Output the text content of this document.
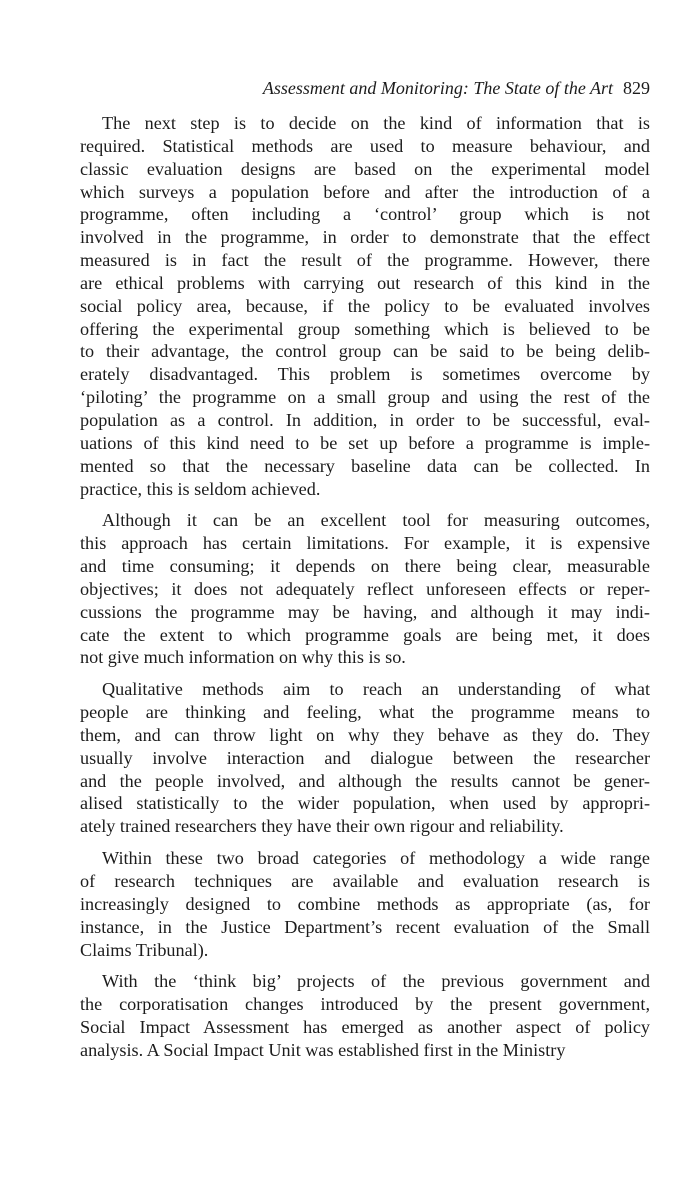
Assessment and Monitoring: The State of the Art 829

The next step is to decide on the kind of information that is
required. Statistical methods are used to measure behaviour, and
classic evaluation designs are based on the experimental model
which surveys a population before and after the introduction of a
programme, often including a ‘control’ group which is not
involved in the programme, in order to demonstrate that the effect
measured is in fact the result of the programme. However, there
are ethical problems with carrying out research of this kind in the
social policy area, because, if the policy to be evaluated involves
offering the experimental group something which is believed to be
to their advantage, the control group can be said to be being delib-
erately disadvantaged. This problem is sometimes overcome by
‘piloting’ the programme on a small group and using the rest of the
population as a control. In addition, in order to be successful, eval-
uations of this kind need to be set up before a programme is imple-
mented so that the necessary baseline data can be collected. In
practice, this is seldom achieved.

Although it can be an excellent tool for measuring outcomes,
this approach has certain limitations. For example, it is expensive
and time consuming; it depends on there being clear, measurable
objectives; it does not adequately reflect unforeseen effects or reper-
cussions the programme may be having, and although it may indi-
cate the extent to which programme goals are being met, it does
not give much information on why this is so.

Qualitative methods aim to reach an understanding of what
people are thinking and feeling, what the programme means to
them, and can throw light on why they behave as they do. They
usually involve interaction and dialogue between the researcher
and the people involved, and although the results cannot be gener-
alised statistically to the wider population, when used by appropri-
ately trained researchers they have their own rigour and reliability.

Within these two broad categories of methodology a wide range
of research techniques are available and evaluation research is
increasingly designed to combine methods as appropriate (as, for
instance, in the Justice Department’s recent evaluation of the Small
Claims Tribunal).

With the ‘think big’ projects of the previous government and
the corporatisation changes introduced by the present government,
Social Impact Assessment has emerged as another aspect of policy
analysis. A Social Impact Unit was established first in the Ministry
